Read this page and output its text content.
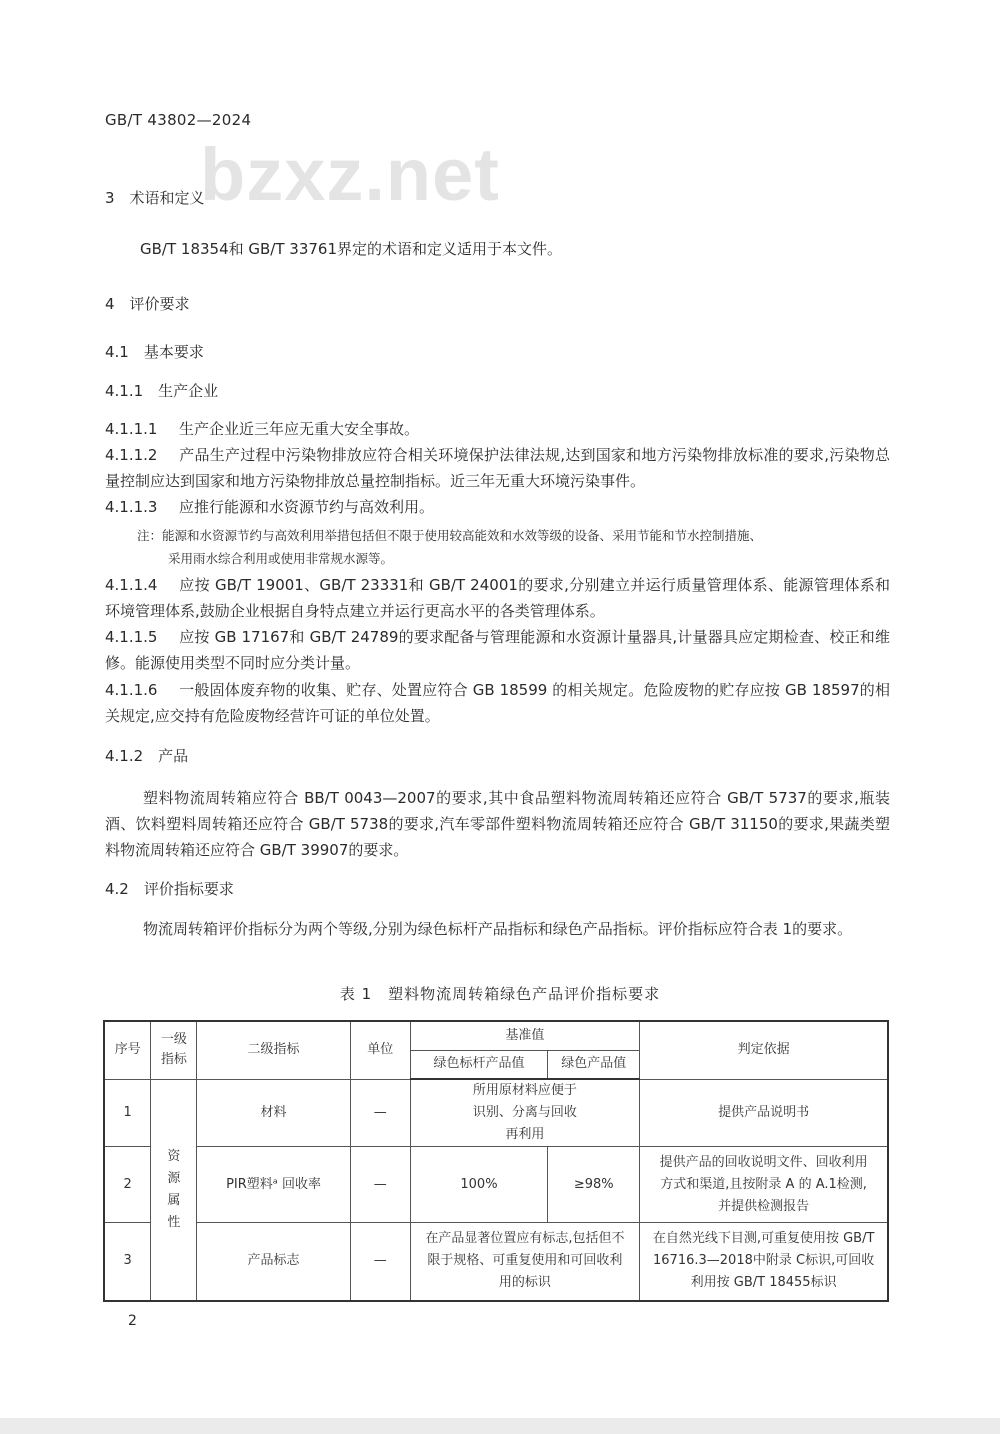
GB/T 43802—2024
bzxz.net
3　术语和定义
GB/T 18354和 GB/T 33761界定的术语和定义适用于本文件。
4　评价要求
4.1　基本要求
4.1.1　生产企业
4.1.1.1 生产企业近三年应无重大安全事故。
4.1.1.2 产品生产过程中污染物排放应符合相关环境保护法律法规,达到国家和地方污染物排放标准的要求,污染物总量控制应达到国家和地方污染物排放总量控制指标。近三年无重大环境污染事件。
4.1.1.3 应推行能源和水资源节约与高效利用。
注：能源和水资源节约与高效利用举措包括但不限于使用较高能效和水效等级的设备、采用节能和节水控制措施、
采用雨水综合利用或使用非常规水源等。
4.1.1.4 应按 GB/T 19001、GB/T 23331和 GB/T 24001的要求,分别建立并运行质量管理体系、能源管理体系和环境管理体系,鼓励企业根据自身特点建立并运行更高水平的各类管理体系。
4.1.1.5 应按 GB 17167和 GB/T 24789的要求配备与管理能源和水资源计量器具,计量器具应定期检查、校正和维修。能源使用类型不同时应分类计量。
4.1.1.6 一般固体废弃物的收集、贮存、处置应符合 GB 18599 的相关规定。危险废物的贮存应按 GB 18597的相关规定,应交持有危险废物经营许可证的单位处置。
4.1.2　产品
塑料物流周转箱应符合 BB/T 0043—2007的要求,其中食品塑料物流周转箱还应符合 GB/T 5737的要求,瓶装酒、饮料塑料周转箱还应符合 GB/T 5738的要求,汽车零部件塑料物流周转箱还应符合 GB/T 31150的要求,果蔬类塑料物流周转箱还应符合 GB/T 39907的要求。
4.2　评价指标要求
物流周转箱评价指标分为两个等级,分别为绿色标杆产品指标和绿色产品指标。评价指标应符合表 1的要求。
表 1　塑料物流周转箱绿色产品评价指标要求
序号	一级指标	二级指标	单位	基准值		判定依据
				绿色标杆产品值	绿色产品值	
1	资源属性	材料	—	所用原材料应便于识别、分离与回收再利用		提供产品说明书
2		PIR塑料ᵃ 回收率	—	100%	≥98%	提供产品的回收说明文件、回收利用方式和渠道,且按附录 A 的 A.1检测,并提供检测报告
3		产品标志	—	在产品显著位置应有标志,包括但不限于规格、可重复使用和可回收利用的标识		在自然光线下目测,可重复使用按 GB/T 16716.3—2018中附录 C标识,可回收利用按 GB/T 18455标识
2
